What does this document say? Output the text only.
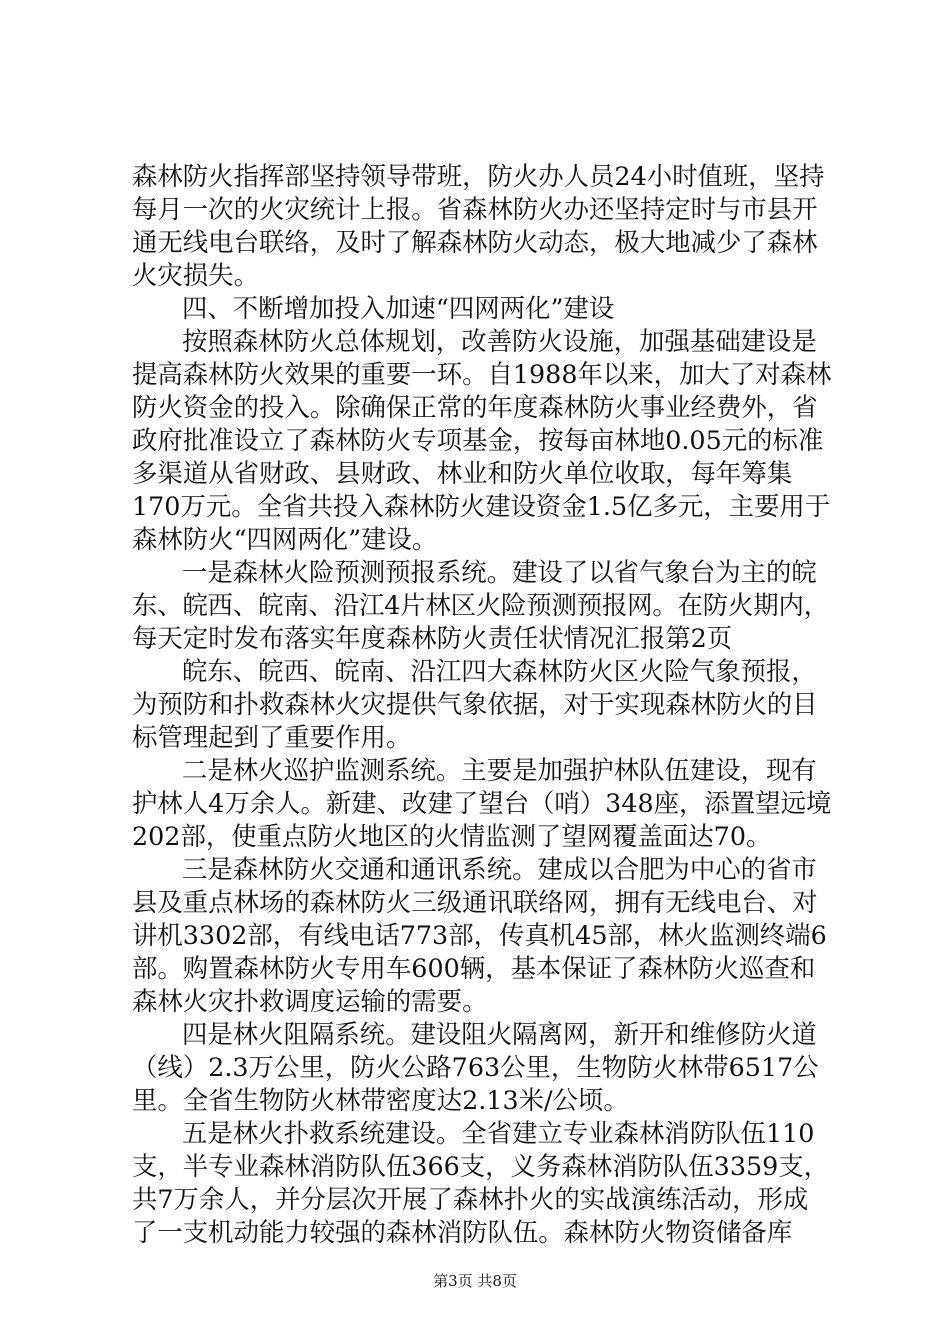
森林防火指挥部坚持领导带班，防火办人员24小时值班，坚持
每月一次的火灾统计上报。省森林防火办还坚持定时与市县开
通无线电台联络，及时了解森林防火动态，极大地减少了森林
火灾损失。
四、不断增加投入加速“四网两化”建设
按照森林防火总体规划，改善防火设施，加强基础建设是
提高森林防火效果的重要一环。自1988年以来，加大了对森林
防火资金的投入。除确保正常的年度森林防火事业经费外，省
政府批准设立了森林防火专项基金，按每亩林地0.05元的标准
多渠道从省财政、县财政、林业和防火单位收取，每年筹集
170万元。全省共投入森林防火建设资金1.5亿多元，主要用于
森林防火“四网两化”建设。
一是森林火险预测预报系统。建设了以省气象台为主的皖
东、皖西、皖南、沿江4片林区火险预测预报网。在防火期内，
每天定时发布落实年度森林防火责任状情况汇报第2页
皖东、皖西、皖南、沿江四大森林防火区火险气象预报，
为预防和扑救森林火灾提供气象依据，对于实现森林防火的目
标管理起到了重要作用。
二是林火巡护监测系统。主要是加强护林队伍建设，现有
护林人4万余人。新建、改建了望台（哨）348座，添置望远境
202部，使重点防火地区的火情监测了望网覆盖面达70。
三是森林防火交通和通讯系统。建成以合肥为中心的省市
县及重点林场的森林防火三级通讯联络网，拥有无线电台、对
讲机3302部，有线电话773部，传真机45部，林火监测终端6
部。购置森林防火专用车600辆，基本保证了森林防火巡查和
森林火灾扑救调度运输的需要。
四是林火阻隔系统。建设阻火隔离网，新开和维修防火道
（线）2.3万公里，防火公路763公里，生物防火林带6517公
里。全省生物防火林带密度达2.13米/公顷。
五是林火扑救系统建设。全省建立专业森林消防队伍110
支，半专业森林消防队伍366支，义务森林消防队伍3359支，
共7万余人，并分层次开展了森林扑火的实战演练活动，形成
了一支机动能力较强的森林消防队伍。森林防火物资储备库
第3页 共8页
